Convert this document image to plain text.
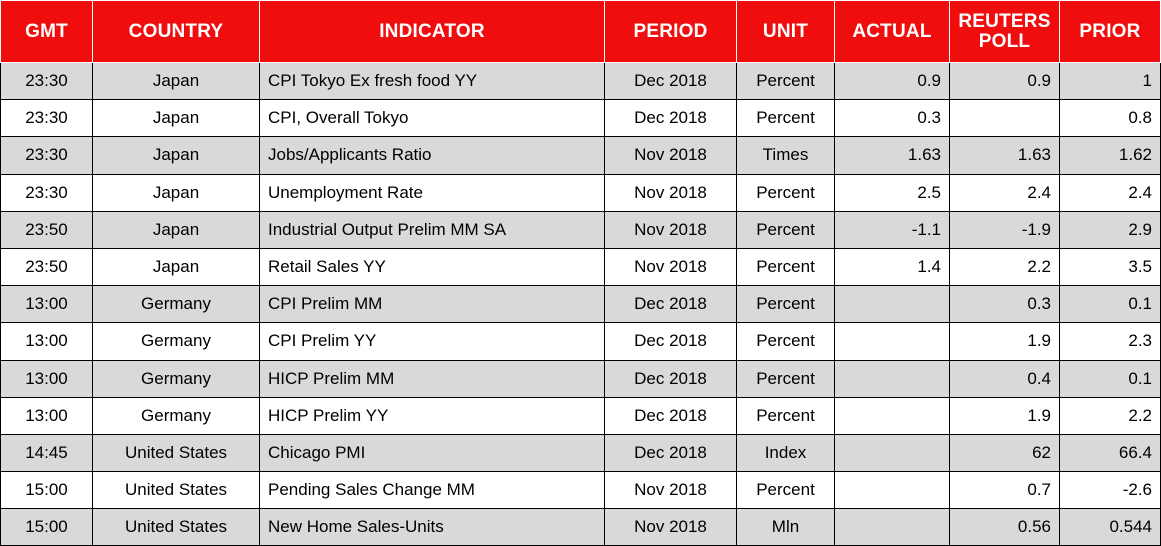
GMT	COUNTRY	INDICATOR	PERIOD	UNIT	ACTUAL	REUTERS POLL	PRIOR
23:30	Japan	CPI Tokyo Ex fresh food YY	Dec 2018	Percent	0.9	0.9	1
23:30	Japan	CPI, Overall Tokyo	Dec 2018	Percent	0.3		0.8
23:30	Japan	Jobs/Applicants Ratio	Nov 2018	Times	1.63	1.63	1.62
23:30	Japan	Unemployment Rate	Nov 2018	Percent	2.5	2.4	2.4
23:50	Japan	Industrial Output Prelim MM SA	Nov 2018	Percent	-1.1	-1.9	2.9
23:50	Japan	Retail Sales YY	Nov 2018	Percent	1.4	2.2	3.5
13:00	Germany	CPI Prelim MM	Dec 2018	Percent		0.3	0.1
13:00	Germany	CPI Prelim YY	Dec 2018	Percent		1.9	2.3
13:00	Germany	HICP Prelim MM	Dec 2018	Percent		0.4	0.1
13:00	Germany	HICP Prelim YY	Dec 2018	Percent		1.9	2.2
14:45	United States	Chicago PMI	Dec 2018	Index		62	66.4
15:00	United States	Pending Sales Change MM	Nov 2018	Percent		0.7	-2.6
15:00	United States	New Home Sales-Units	Nov 2018	Mln		0.56	0.544
